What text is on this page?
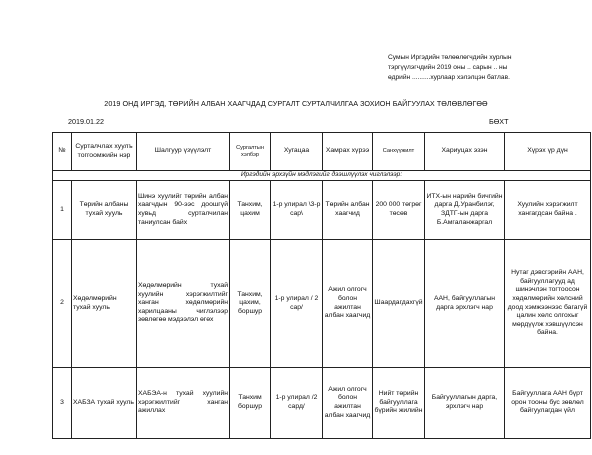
Сумын Иргэдийн төлөөлөгчдийн хурлын
тэргүүлэгчдийн 2019 оны .. сарын .. ны
өдрийн ..........хурлаар хэлэлцэн батлав.
2019 ОНД ИРГЭД, ТӨРИЙН АЛБАН ХААГЧДАД СУРГАЛТ СУРТАЛЧИЛГАА ЗОХИОН БАЙГУУЛАХ ТӨЛӨВЛӨГӨӨ
2019.01.22	БӨХТ
№	Сурталчлах хуулъ тоггоомжийн нэр	Шалгуур үзүүлэлт	Сургалтын хэлбэр	Хугацаа	Хамрах хүрээ	Санхүүжилт	Хариуцах эзэн	Хүрэх үр дүн
Иргэдийн эрхзүйн мэдлэгийг дээшлүүлэх чиглэлээр:								
1	Төрийн албаны тухай хууль	Шинэ хуулийг төрийн албан хаагчдын 90-ээс доошгүй хувьд сурталчилан таниулсан байх	Танхим, цахим	1-р улирал \3-р сар\	Төрийн албан хаагчид	200 000 төгрөг төсөв	ИТХ-ын нарийн бичгийн дарга Д.Уранбилэг, ЗДТГ-ын дарга Б.Амгаланжаргал	Хуулийн хэрэгжилт хангагдсан байна .
2	Хөдөлмөрийн тухай хууль	Хөдөлмөрийн тухай хуулийн хэрэгжилтийг ханган хөдөлмөрийн харилцааны чиглэлээр зөвлөгөө мэдээлэл өгөх	Танхим, цахим, боршур	1-р улирал / 2 сар/	Ажил олгогч болон ажилтан албан хаагчид	Шаардагдахгүй	ААН, байгууллагын дарга эрхлэгч нар	Нутаг дэвсгэрийн ААН, байгууллагууд ад шинэчлэн тогтоосон хөдөлмөрийн хөлсний доод хэмжээнээс багагүй цалин хөлс олгохыг мөрдүүлж хэвшүүлсэн байна.
3	ХАБЗА тухай хууль	ХАБЭА-н тухай хуулийн хэрэгжилтийг ханган ажиллах	Танхим боршур	1-р улирал /2 сард/	Ажил олгогч болон ажилтан албан хаагчид	Нийт төрийн байгууллага бүрийн жилийн	Байгууллагын дарга, эрхлэгч нар	Байгууллага ААН бүрт орон тооны бус зөвлөл байгуулагдан үйл
